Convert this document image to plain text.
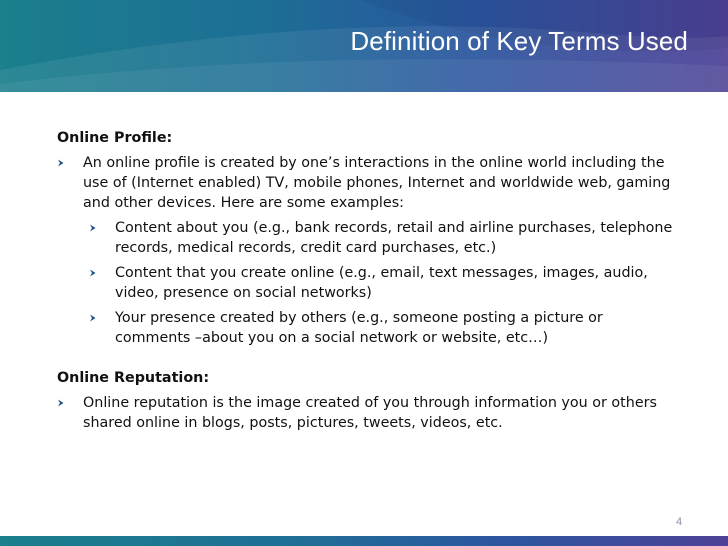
Definition of Key Terms Used
Online Profile:
An online profile is created by one’s interactions in the online world including the use of (Internet enabled) TV, mobile phones, Internet and worldwide web, gaming and other devices. Here are some examples:
Content about you (e.g., bank records, retail and airline purchases, telephone records, medical records, credit card purchases, etc.)
Content that you create online (e.g., email, text messages, images, audio, video, presence on social networks)
Your presence created by others (e.g., someone posting a picture or comments –about you on a social network or website, etc…)
Online Reputation:
Online reputation is the image created of you through information you or others shared online in blogs, posts, pictures, tweets, videos, etc.
4
